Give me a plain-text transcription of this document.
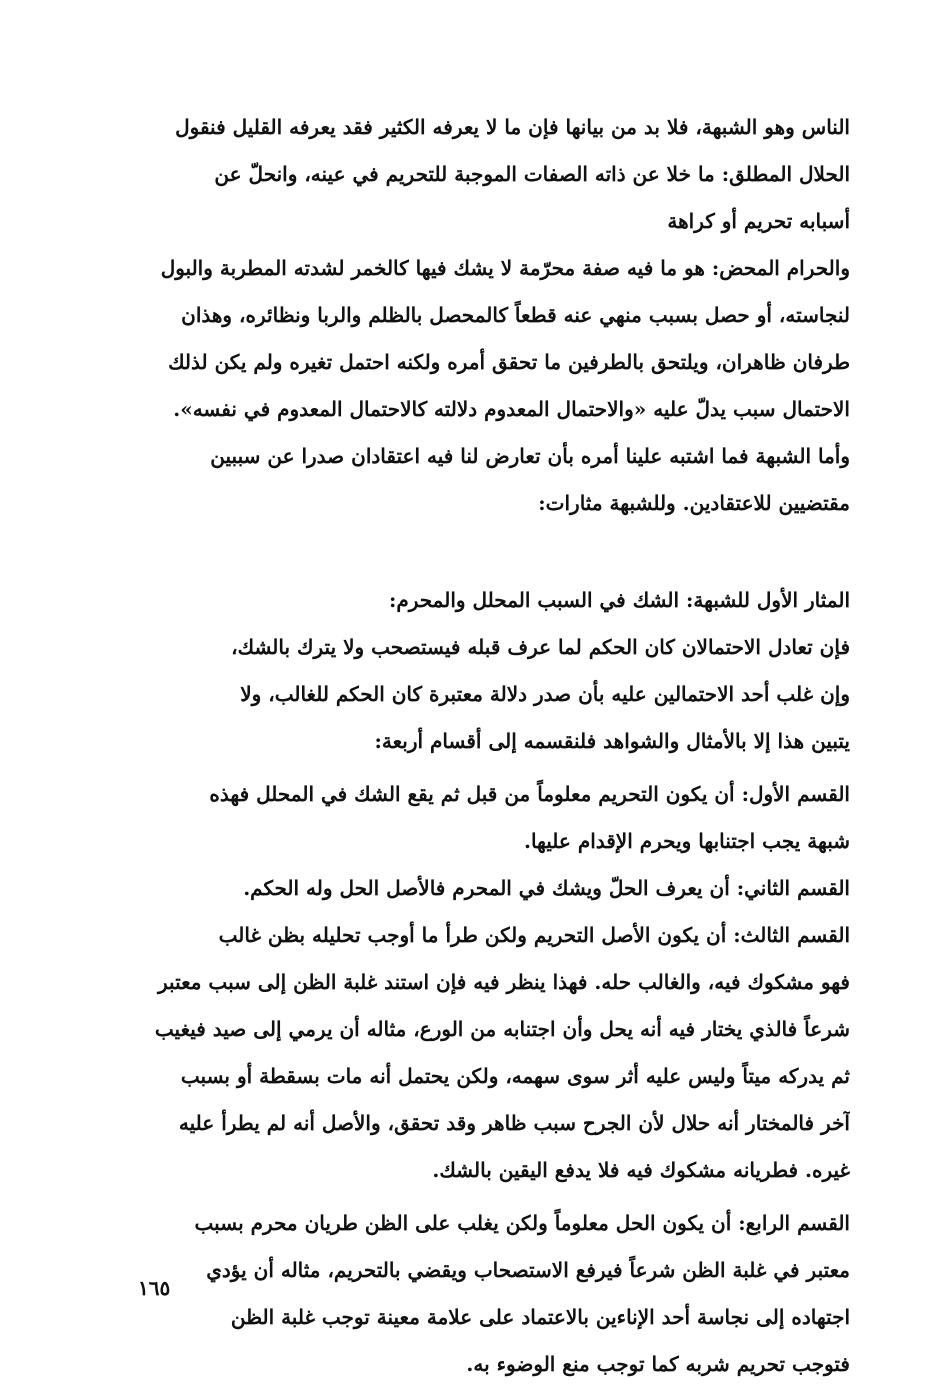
الناس وهو الشبهة، فلا بد من بيانها فإن ما لا يعرفه الكثير فقد يعرفه القليل فنقول
الحلال المطلق: ما خلا عن ذاته الصفات الموجبة للتحريم في عينه، وانحلّ عن
أسبابه تحريم أو كراهة
والحرام المحض: هو ما فيه صفة محرّمة لا يشك فيها كالخمر لشدته المطربة والبول
لنجاسته، أو حصل بسبب منهي عنه قطعاً كالمحصل بالظلم والربا ونظائره، وهذان
طرفان ظاهران، ويلتحق بالطرفين ما تحقق أمره ولكنه احتمل تغيره ولم يكن لذلك
الاحتمال سبب يدلّ عليه «والاحتمال المعدوم دلالته كالاحتمال المعدوم في نفسه».
وأما الشبهة فما اشتبه علينا أمره بأن تعارض لنا فيه اعتقادان صدرا عن سببين
مقتضيين للاعتقادين. وللشبهة مثارات:
المثار الأول للشبهة: الشك في السبب المحلل والمحرم:
فإن تعادل الاحتمالان كان الحكم لما عرف قبله فيستصحب ولا يترك بالشك،
وإن غلب أحد الاحتمالين عليه بأن صدر دلالة معتبرة كان الحكم للغالب، ولا
يتبين هذا إلا بالأمثال والشواهد فلنقسمه إلى أقسام أربعة:
القسم الأول: أن يكون التحريم معلوماً من قبل ثم يقع الشك في المحلل فهذه
شبهة يجب اجتنابها ويحرم الإقدام عليها.
القسم الثاني: أن يعرف الحلّ ويشك في المحرم فالأصل الحل وله الحكم.
القسم الثالث: أن يكون الأصل التحريم ولكن طرأ ما أوجب تحليله بظن غالب
فهو مشكوك فيه، والغالب حله. فهذا ينظر فيه فإن استند غلبة الظن إلى سبب معتبر
شرعاً فالذي يختار فيه أنه يحل وأن اجتنابه من الورع، مثاله أن يرمي إلى صيد فيغيب
ثم يدركه ميتاً وليس عليه أثر سوى سهمه، ولكن يحتمل أنه مات بسقطة أو بسبب
آخر فالمختار أنه حلال لأن الجرح سبب ظاهر وقد تحقق، والأصل أنه لم يطرأ عليه
غيره. فطريانه مشكوك فيه فلا يدفع اليقين بالشك.
القسم الرابع: أن يكون الحل معلوماً ولكن يغلب على الظن طريان محرم بسبب
معتبر في غلبة الظن شرعاً فيرفع الاستصحاب ويقضي بالتحريم، مثاله أن يؤدي
اجتهاده إلى نجاسة أحد الإناءين بالاعتماد على علامة معينة توجب غلبة الظن
فتوجب تحريم شربه كما توجب منع الوضوء به.
١٦٥
